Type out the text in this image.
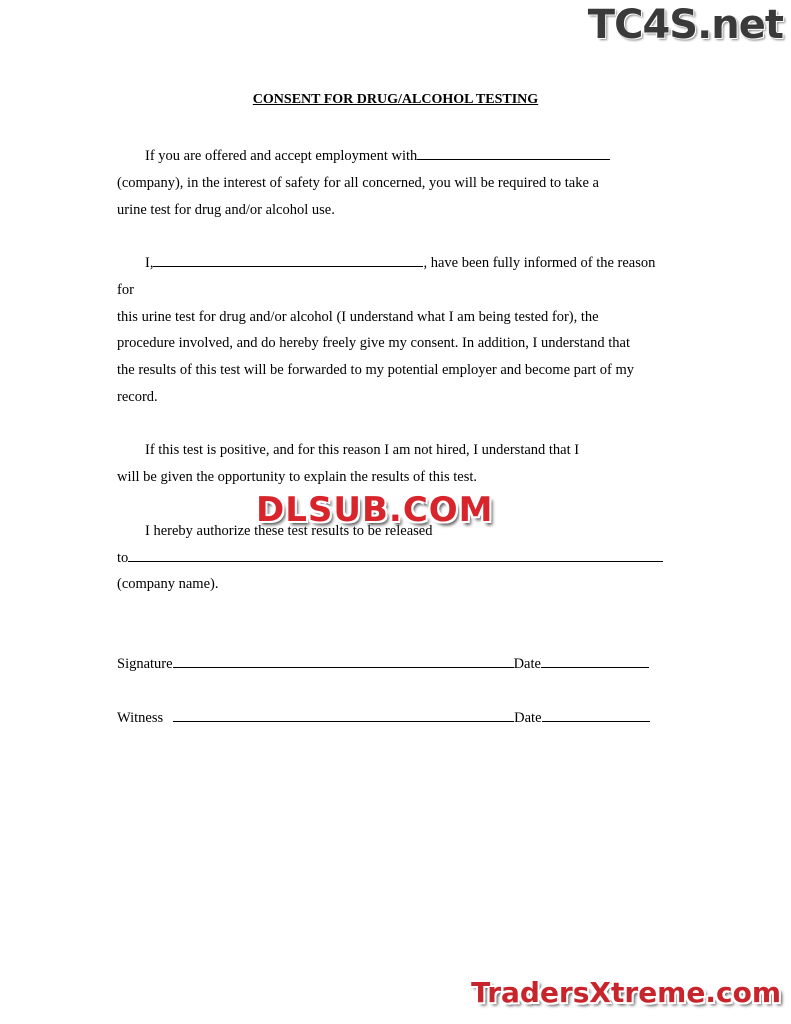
TC4S.net
CONSENT FOR DRUG/ALCOHOL TESTING
If you are offered and accept employment with
(company), in the interest of safety for all concerned, you will be required to take a
urine test for drug and/or alcohol use.
I,	, have been fully informed of the reason
for
this urine test for drug and/or alcohol (I understand what I am being tested for), the
procedure involved, and do hereby freely give my consent. In addition, I understand that
the results of this test will be forwarded to my potential employer and become part of my
record.
If this test is positive, and for this reason I am not hired, I understand that I
will be given the opportunity to explain the results of this test.
I hereby authorize these test results to be released
to
(company name).
DLSUB.COM
Signature	Date
Witness	Date
TradersXtreme.com
